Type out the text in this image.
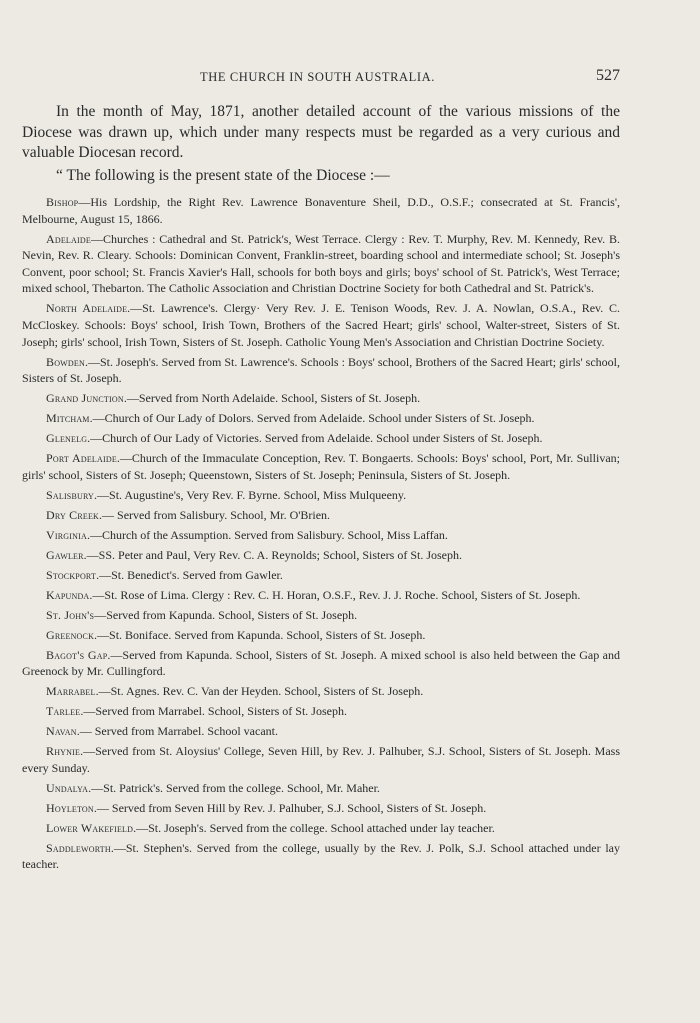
THE CHURCH IN SOUTH AUSTRALIA.	527

In the month of May, 1871, another detailed account of the various missions of the Diocese was drawn up, which under many respects must be regarded as a very curious and valuable Diocesan record.

“ The following is the present state of the Diocese :—

Bishop—His Lordship, the Right Rev. Lawrence Bonaventure Sheil, D.D., O.S.F.; consecrated at St. Francis', Melbourne, August 15, 1866.

Adelaide—Churches : Cathedral and St. Patrick's, West Terrace. Clergy : Rev. T. Murphy, Rev. M. Kennedy, Rev. B. Nevin, Rev. R. Cleary. Schools: Dominican Convent, Franklin-street, boarding school and intermediate school; St. Joseph's Convent, poor school; St. Francis Xavier's Hall, schools for both boys and girls; boys' school of St. Patrick's, West Terrace; mixed school, Thebarton. The Catholic Association and Christian Doctrine Society for both Cathedral and St. Patrick's.

North Adelaide.—St. Lawrence's. Clergy· Very Rev. J. E. Tenison Woods, Rev. J. A. Nowlan, O.S.A., Rev. C. McCloskey. Schools: Boys' school, Irish Town, Brothers of the Sacred Heart; girls' school, Walter-street, Sisters of St. Joseph; girls' school, Irish Town, Sisters of St. Joseph. Catholic Young Men's Association and Christian Doctrine Society.

Bowden.—St. Joseph's. Served from St. Lawrence's. Schools : Boys' school, Brothers of the Sacred Heart; girls' school, Sisters of St. Joseph.

Grand Junction.—Served from North Adelaide. School, Sisters of St. Joseph.

Mitcham.—Church of Our Lady of Dolors. Served from Adelaide. School under Sisters of St. Joseph.

Glenelg.—Church of Our Lady of Victories. Served from Adelaide. School under Sisters of St. Joseph.

Port Adelaide.—Church of the Immaculate Conception, Rev. T. Bongaerts. Schools: Boys' school, Port, Mr. Sullivan; girls' school, Sisters of St. Joseph; Queenstown, Sisters of St. Joseph; Peninsula, Sisters of St. Joseph.

Salisbury.—St. Augustine's, Very Rev. F. Byrne. School, Miss Mulqueeny.

Dry Creek.— Served from Salisbury. School, Mr. O'Brien.

Virginia.—Church of the Assumption. Served from Salisbury. School, Miss Laffan.

Gawler.—SS. Peter and Paul, Very Rev. C. A. Reynolds; School, Sisters of St. Joseph.

Stockport.—St. Benedict's. Served from Gawler.

Kapunda.—St. Rose of Lima. Clergy : Rev. C. H. Horan, O.S.F., Rev. J. J. Roche. School, Sisters of St. Joseph.

St. John's—Served from Kapunda. School, Sisters of St. Joseph.

Greenock.—St. Boniface. Served from Kapunda. School, Sisters of St. Joseph.

Bagot's Gap.—Served from Kapunda. School, Sisters of St. Joseph. A mixed school is also held between the Gap and Greenock by Mr. Cullingford.

Marrabel.—St. Agnes. Rev. C. Van der Heyden. School, Sisters of St. Joseph.

Tarlee.—Served from Marrabel. School, Sisters of St. Joseph.

Navan.— Served from Marrabel. School vacant.

Rhynie.—Served from St. Aloysius' College, Seven Hill, by Rev. J. Palhuber, S.J. School, Sisters of St. Joseph. Mass every Sunday.

Undalya.—St. Patrick's. Served from the college. School, Mr. Maher.

Hoyleton.— Served from Seven Hill by Rev. J. Palhuber, S.J. School, Sisters of St. Joseph.

Lower Wakefield.—St. Joseph's. Served from the college. School attached under lay teacher.

Saddleworth.—St. Stephen's. Served from the college, usually by the Rev. J. Polk, S.J. School attached under lay teacher.
